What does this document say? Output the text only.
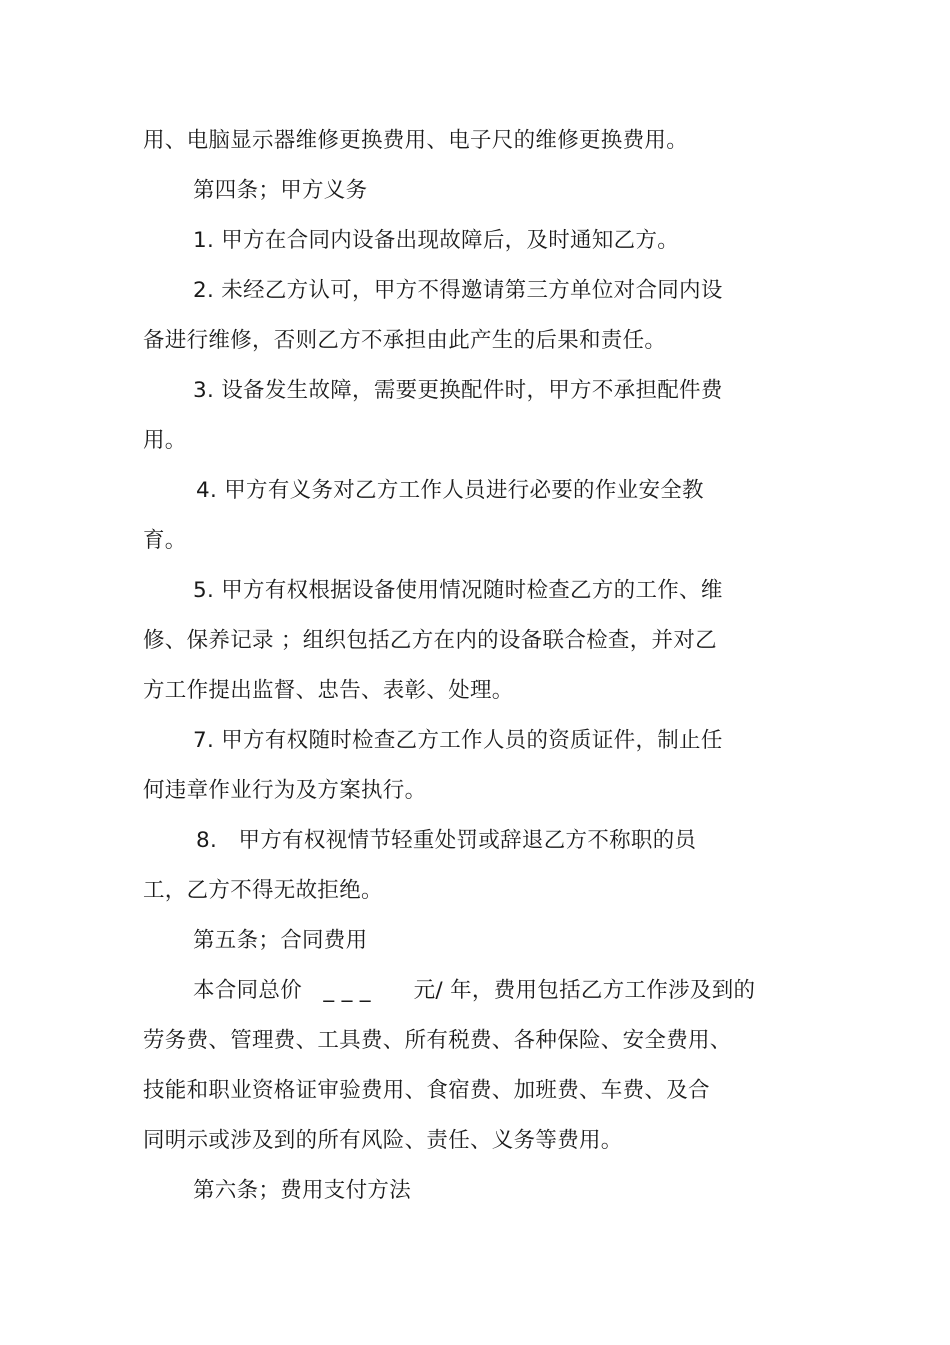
用、电脑显示器维修更换费用、电子尺的维修更换费用。
第四条；甲方义务
1. 甲方在合同内设备出现故障后，及时通知乙方。
2. 未经乙方认可，甲方不得邀请第三方单位对合同内设
备进行维修，否则乙方不承担由此产生的后果和责任。
3. 设备发生故障，需要更换配件时，甲方不承担配件费
用。
4. 甲方有义务对乙方工作人员进行必要的作业安全教
育。
5. 甲方有权根据设备使用情况随时检查乙方的工作、维
修、保养记录 ；组织包括乙方在内的设备联合检查，并对乙
方工作提出监督、忠告、表彰、处理。
7. 甲方有权随时检查乙方工作人员的资质证件，制止任
何违章作业行为及方案执行。
8.   甲方有权视情节轻重处罚或辞退乙方不称职的员
工，乙方不得无故拒绝。
第五条；合同费用
本合同总价   _ _ _      元/ 年，费用包括乙方工作涉及到的
劳务费、管理费、工具费、所有税费、各种保险、安全费用、
技能和职业资格证审验费用、食宿费、加班费、车费、及合
同明示或涉及到的所有风险、责任、义务等费用。
第六条；费用支付方法
